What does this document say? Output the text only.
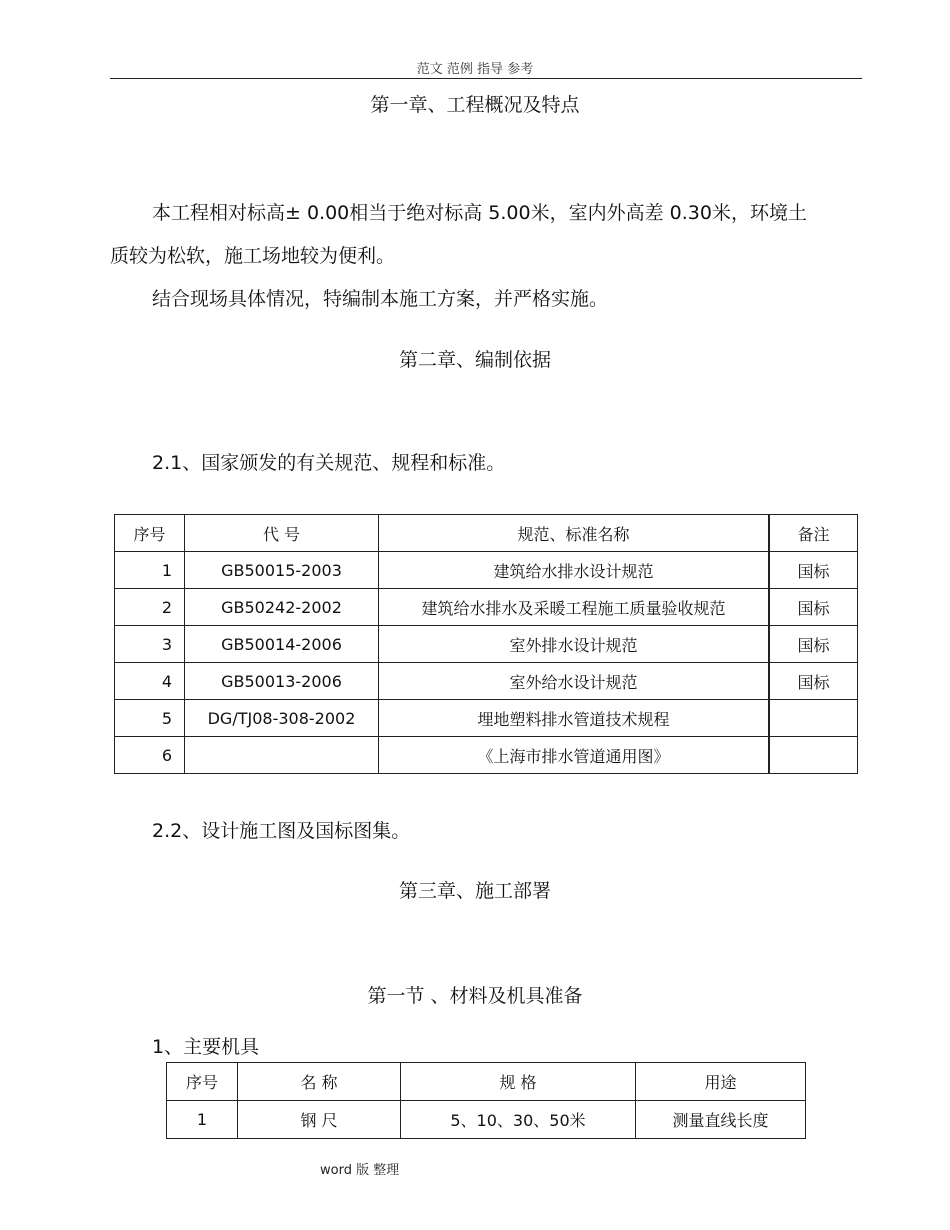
范文 范例 指导 参考
第一章、工程概况及特点
本工程相对标高± 0.00相当于绝对标高 5.00米，室内外高差 0.30米，环境土
质较为松软，施工场地较为便利。
结合现场具体情况，特编制本施工方案，并严格实施。
第二章、编制依据
2.1、国家颁发的有关规范、规程和标准。
序号	代 号	规范、标准名称	备注
1	GB50015-2003	建筑给水排水设计规范	国标
2	GB50242-2002	建筑给水排水及采暖工程施工质量验收规范	国标
3	GB50014-2006	室外排水设计规范	国标
4	GB50013-2006	室外给水设计规范	国标
5	DG/TJ08-308-2002	埋地塑料排水管道技术规程	
6		《上海市排水管道通用图》	
2.2、设计施工图及国标图集。
第三章、施工部署
第一节 、材料及机具准备
1、主要机具
序号	名 称	规 格	用途
1	钢 尺	5、10、30、50米	测量直线长度
word 版 整理
